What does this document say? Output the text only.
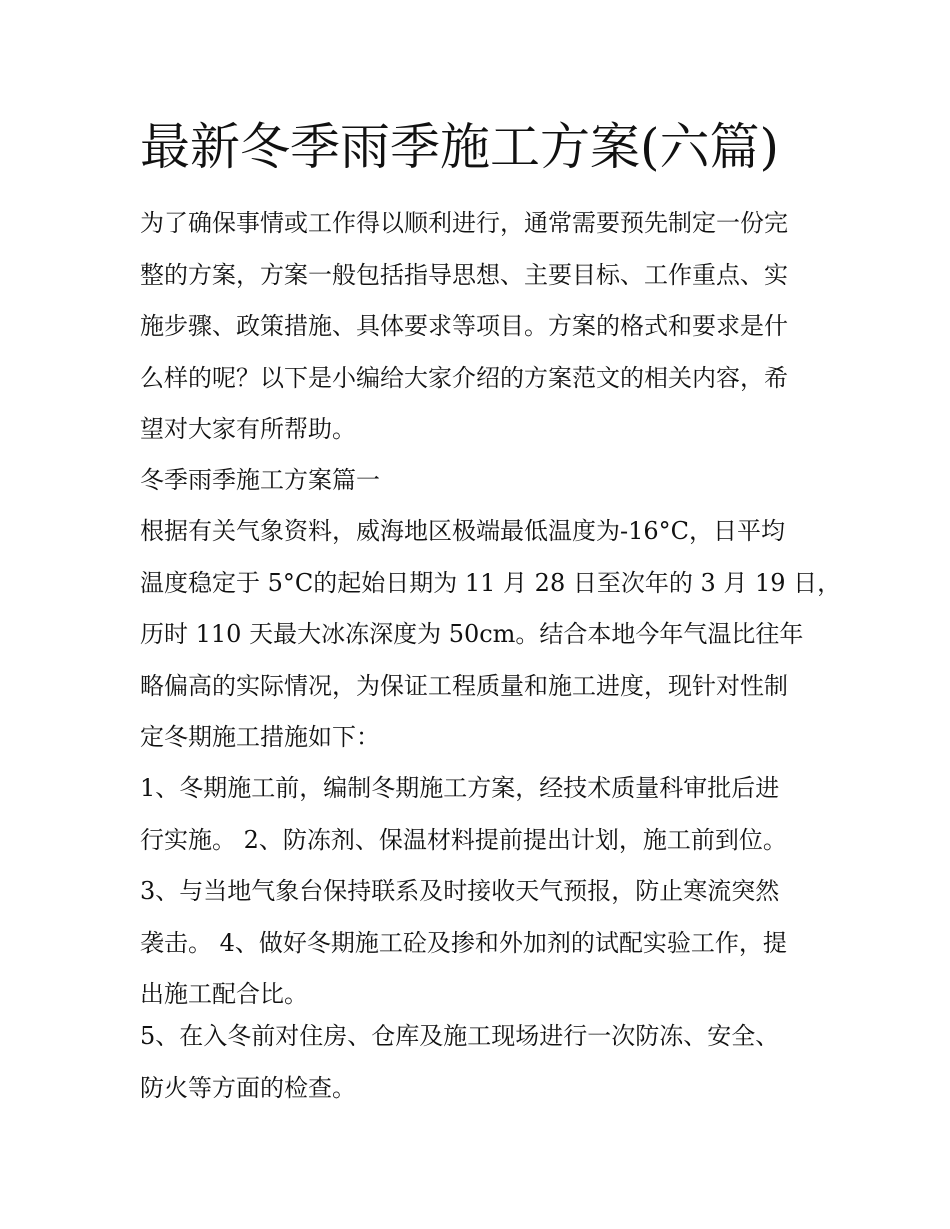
最新冬季雨季施工方案(六篇)
为了确保事情或工作得以顺利进行，通常需要预先制定一份完
整的方案，方案一般包括指导思想、主要目标、工作重点、实
施步骤、政策措施、具体要求等项目。方案的格式和要求是什
么样的呢？以下是小编给大家介绍的方案范文的相关内容，希
望对大家有所帮助。
冬季雨季施工方案篇一
根据有关气象资料，威海地区极端最低温度为-16°C，日平均
温度稳定于 5°C的起始日期为 11 月 28 日至次年的 3 月 19 日，
历时 110 天最大冰冻深度为 50cm。结合本地今年气温比往年
略偏高的实际情况，为保证工程质量和施工进度，现针对性制
定冬期施工措施如下：
1、冬期施工前，编制冬期施工方案，经技术质量科审批后进
行实施。 2、防冻剂、保温材料提前提出计划，施工前到位。
3、与当地气象台保持联系及时接收天气预报，防止寒流突然
袭击。 4、做好冬期施工砼及掺和外加剂的试配实验工作，提
出施工配合比。
5、在入冬前对住房、仓库及施工现场进行一次防冻、安全、
防火等方面的检查。
